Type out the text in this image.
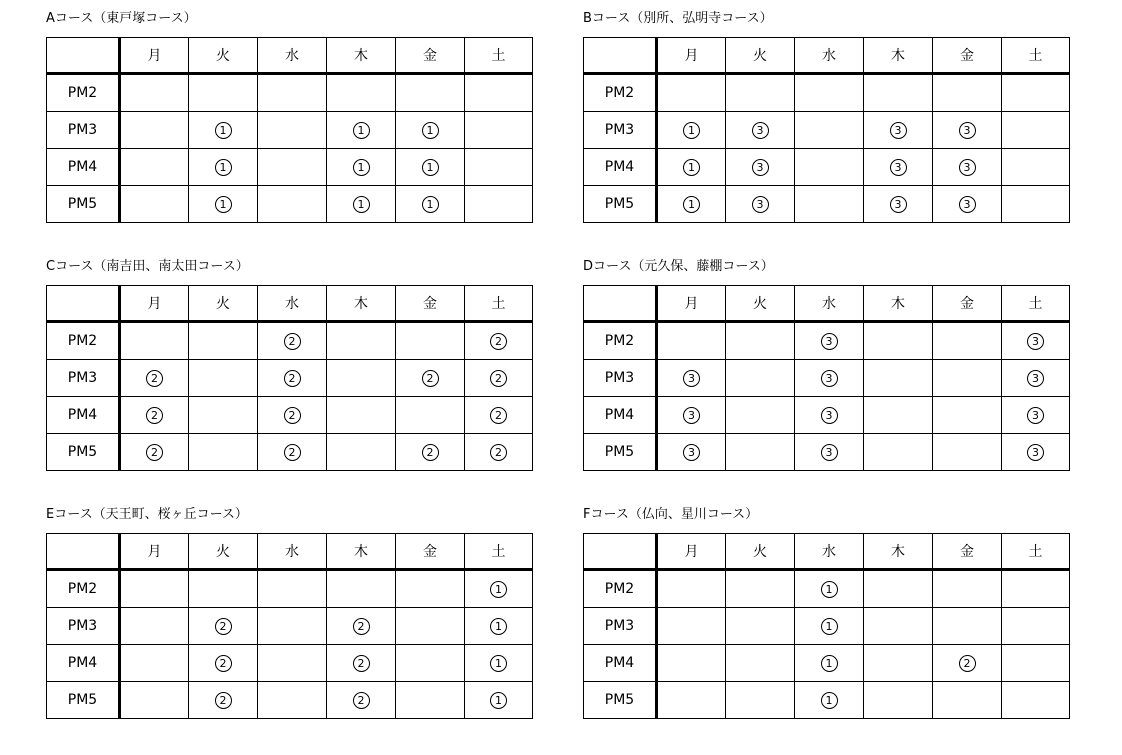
Aコース（東戸塚コース）
	月	火	水	木	金	土
PM2						
PM3		1		1	1	
PM4		1		1	1	
PM5		1		1	1	
Bコース（別所、弘明寺コース）
	月	火	水	木	金	土
PM2						
PM3	1	3		3	3	
PM4	1	3		3	3	
PM5	1	3		3	3	
Cコース（南吉田、南太田コース）
	月	火	水	木	金	土
PM2			2			2
PM3	2		2		2	2
PM4	2		2			2
PM5	2		2		2	2
Dコース（元久保、藤棚コース）
	月	火	水	木	金	土
PM2			3			3
PM3	3		3			3
PM4	3		3			3
PM5	3		3			3
Eコース（天王町、桜ヶ丘コース）
	月	火	水	木	金	土
PM2						1
PM3		2		2		1
PM4		2		2		1
PM5		2		2		1
Fコース（仏向、星川コース）
	月	火	水	木	金	土
PM2			1			
PM3			1			
PM4			1		2	
PM5			1			
